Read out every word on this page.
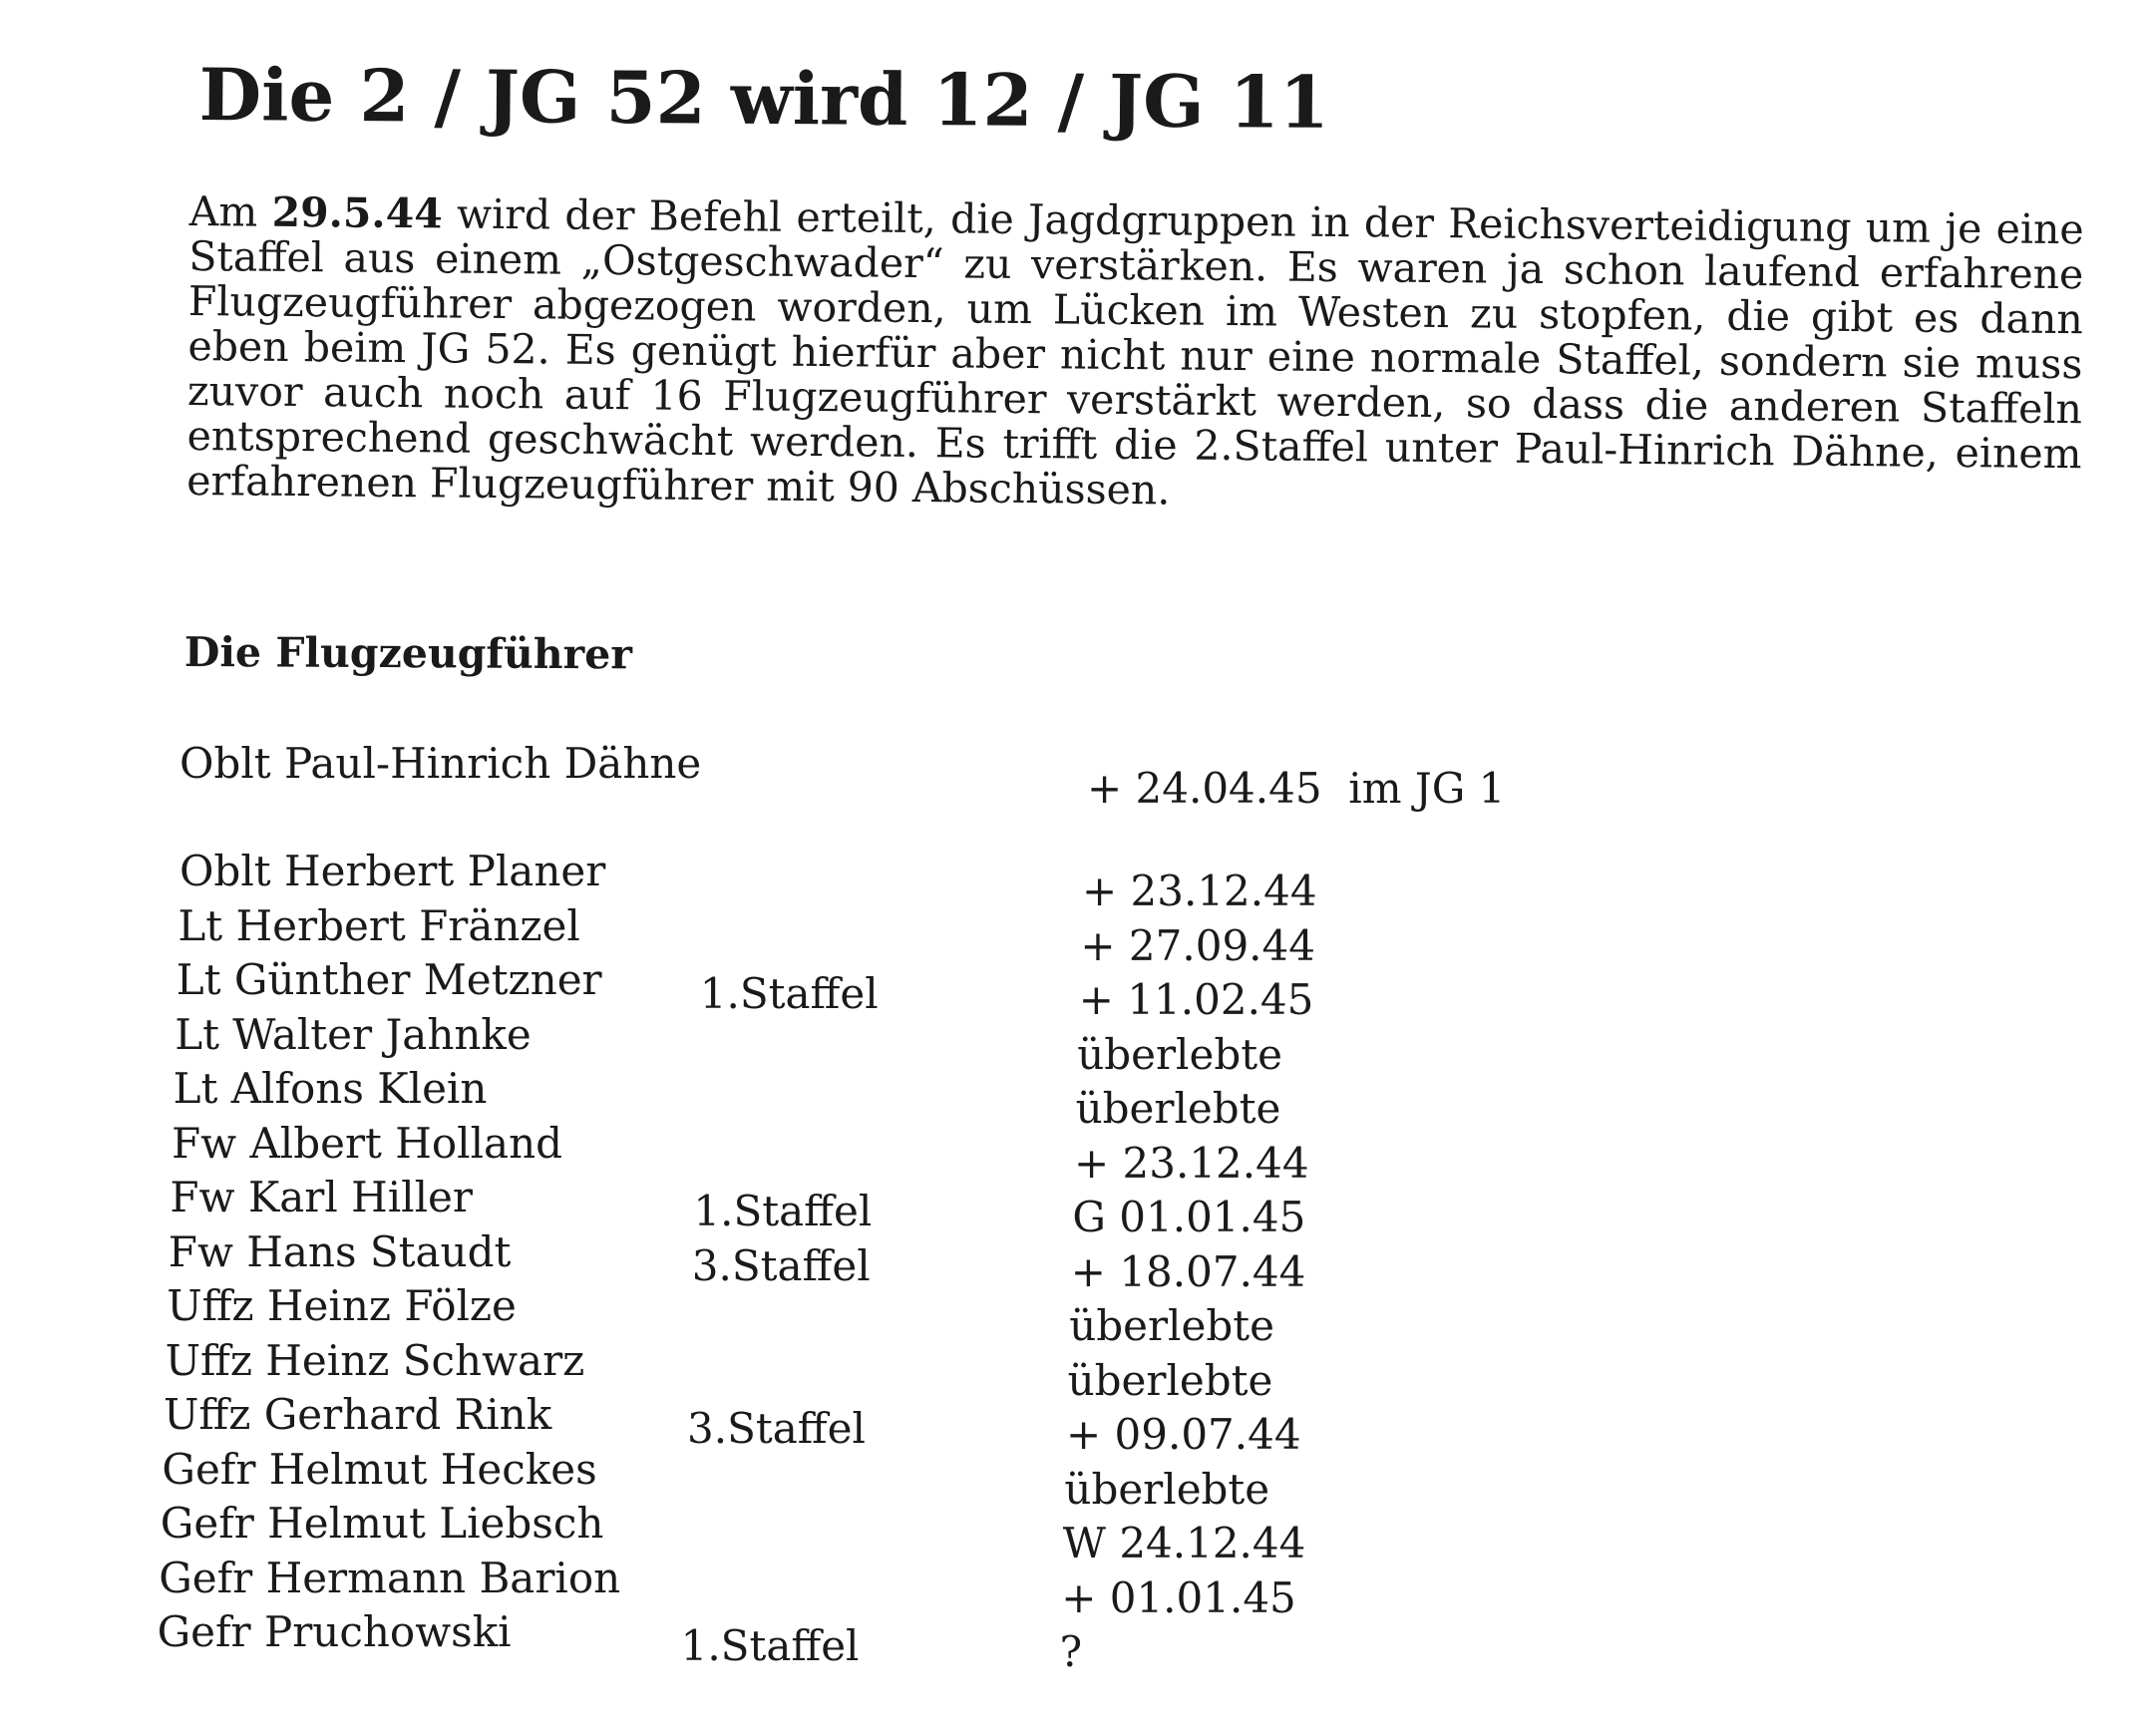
Die 2 / JG 52 wird 12 / JG 11

Am 29.5.44 wird der Befehl erteilt, die Jagdgruppen in der Reichsverteidigung um je eine Staffel aus einem „Ostgeschwader“ zu verstärken. Es waren ja schon laufend erfahrene Flugzeugführer abgezogen worden, um Lücken im Westen zu stopfen, die gibt es dann eben beim JG 52. Es genügt hierfür aber nicht nur eine normale Staffel, sondern sie muss zuvor auch noch auf 16 Flugzeugführer verstärkt werden, so dass die anderen Staffeln entsprechend geschwächt werden. Es trifft die 2.Staffel unter Paul-Hinrich Dähne, einem erfahrenen Flugzeugführer mit 90 Abschüssen.

Die Flugzeugführer
Oblt Paul-Hinrich Dähne
+ 24.04.45 im JG 1
Oblt Herbert Planer
Lt Herbert Fränzel
Lt Günther Metzner
Lt Walter Jahnke
Lt Alfons Klein
Fw Albert Holland
Fw Karl Hiller
Fw Hans Staudt
Uffz Heinz Fölze
Uffz Heinz Schwarz
Uffz Gerhard Rink
Gefr Helmut Heckes
Gefr Helmut Liebsch
Gefr Hermann Barion
Gefr Pruchowski
1.Staffel
1.Staffel
3.Staffel
3.Staffel
1.Staffel
+ 23.12.44
+ 27.09.44
+ 11.02.45
überlebte
überlebte
+ 23.12.44
G 01.01.45
+ 18.07.44
überlebte
überlebte
+ 09.07.44
überlebte
W 24.12.44
+ 01.01.45
?
